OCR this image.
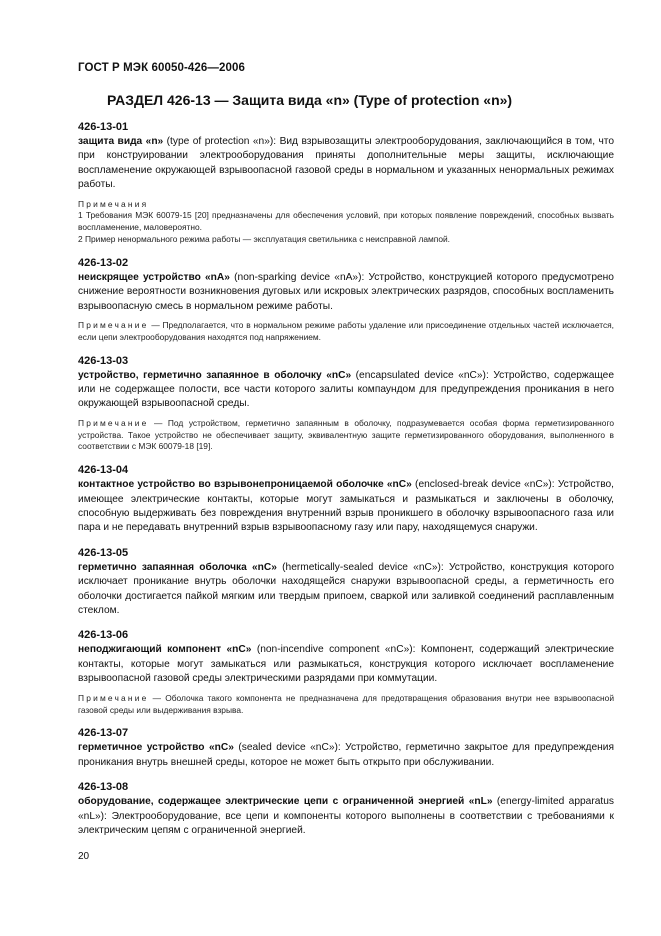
ГОСТ Р МЭК 60050-426—2006
РАЗДЕЛ 426-13 — Защита вида «n» (Type of protection «n»)
426-13-01

защита вида «n» (type of protection «n»): Вид взрывозащиты электрооборудования, заключающийся в том, что при конструировании электрооборудования приняты дополнительные меры защиты, исключающие воспламенение окружающей взрывоопасной газовой среды в нормальном и указанных ненормальных режимах работы.

Примечания
1 Требования МЭК 60079-15 [20] предназначены для обеспечения условий, при которых появление повреждений, способных вызвать воспламенение, маловероятно.
2 Пример ненормального режима работы — эксплуатация светильника с неисправной лампой.
426-13-02

неискрящее устройство «nA» (non-sparking device «nA»): Устройство, конструкцией которого предусмотрено снижение вероятности возникновения дуговых или искровых электрических разрядов, способных воспламенить взрывоопасную смесь в нормальном режиме работы.

Примечание — Предполагается, что в нормальном режиме работы удаление или присоединение отдельных частей исключается, если цепи электрооборудования находятся под напряжением.

426-13-03

устройство, герметично запаянное в оболочку «nC» (encapsulated device «nC»): Устройство, содержащее или не содержащее полости, все части которого залиты компаундом для предупреждения проникания в него окружающей взрывоопасной среды.

Примечание — Под устройством, герметично запаянным в оболочку, подразумевается особая форма герметизированного устройства. Такое устройство не обеспечивает защиту, эквивалентную защите герметизированного оборудования, выполненного в соответствии с МЭК 60079-18 [19].

426-13-04

контактное устройство во взрывонепроницаемой оболочке «nC» (enclosed-break device «nC»): Устройство, имеющее электрические контакты, которые могут замыкаться и размыкаться и заключены в оболочку, способную выдерживать без повреждения внутренний взрыв проникшего в оболочку взрывоопасного газа или пара и не передавать внутренний взрыв взрывоопасному газу или пару, находящемуся снаружи.

426-13-05

герметично запаянная оболочка «nC» (hermetically-sealed device «nC»): Устройство, конструкция которого исключает проникание внутрь оболочки находящейся снаружи взрывоопасной среды, а герметичность его оболочки достигается пайкой мягким или твердым припоем, сваркой или заливкой соединений расплавленным стеклом.

426-13-06

неподжигающий компонент «nC» (non-incendive component «nC»): Компонент, содержащий электрические контакты, которые могут замыкаться или размыкаться, конструкция которого исключает воспламенение взрывоопасной газовой среды электрическими разрядами при коммутации.

Примечание — Оболочка такого компонента не предназначена для предотвращения образования внутри нее взрывоопасной газовой среды или выдерживания взрыва.

426-13-07

герметичное устройство «nC» (sealed device «nC»): Устройство, герметично закрытое для предупреждения проникания внутрь внешней среды, которое не может быть открыто при обслуживании.

426-13-08

оборудование, содержащее электрические цепи с ограниченной энергией «nL» (energy-limited apparatus «nL»): Электрооборудование, все цепи и компоненты которого выполнены в соответствии с требованиями к электрическим цепям с ограниченной энергией.

20
